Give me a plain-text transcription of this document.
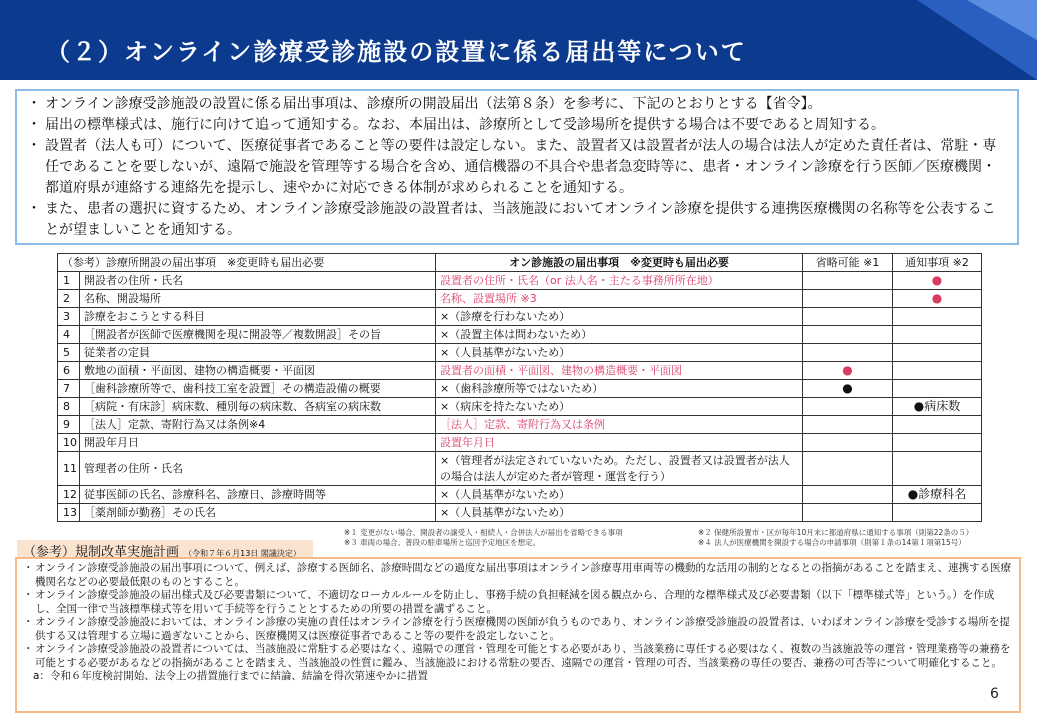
（２）オンライン診療受診施設の設置に係る届出等について
・ オンライン診療受診施設の設置に係る届出事項は、診療所の開設届出（法第８条）を参考に、下記のとおりとする【省令】。
・ 届出の標準様式は、施行に向けて追って通知する。なお、本届出は、診療所として受診場所を提供する場合は不要であると周知する。
・ 設置者（法人も可）について、医療従事者であること等の要件は設定しない。また、設置者又は設置者が法人の場合は法人が定めた責任者は、常駐・専任であることを要しないが、遠隔で施設を管理等する場合を含め、通信機器の不具合や患者急変時等に、患者・オンライン診療を行う医師／医療機関・都道府県が連絡する連絡先を提示し、速やかに対応できる体制が求められることを通知する。
・ また、患者の選択に資するため、オンライン診療受診施設の設置者は、当該施設においてオンライン診療を提供する連携医療機関の名称等を公表することが望ましいことを通知する。
（参考）診療所開設の届出事項　※変更時も届出必要		オン診施設の届出事項　※変更時も届出必要	省略可能 ※1	通知事項 ※2
1	開設者の住所・氏名	設置者の住所・氏名（or 法人名・主たる事務所所在地）		●
2	名称、開設場所	名称、設置場所 ※3		●
3	診療をおこうとする科目	×（診療を行わないため）		
4	［開設者が医師で医療機関を現に開設等／複数開設］その旨	×（設置主体は問わないため）		
5	従業者の定員	×（人員基準がないため）		
6	敷地の面積・平面図、建物の構造概要・平面図	設置者の面積・平面図、建物の構造概要・平面図	●	
7	［歯科診療所等で、歯科技工室を設置］その構造設備の概要	×（歯科診療所等ではないため）	●	
8	［病院・有床診］病床数、種別毎の病床数、各病室の病床数	×（病床を持たないため）		●病床数
9	［法人］定款、寄附行為又は条例※4	［法人］定款、寄附行為又は条例		
10	開設年月日	設置年月日		
11	管理者の住所・氏名	×（管理者が法定されていないため。ただし、設置者又は設置者が法人の場合は法人が定めた者が管理・運営を行う）		
12	従事医師の氏名、診療科名、診療日、診療時間等	×（人員基準がないため）		●診療科名
13	［薬剤師が勤務］その氏名	×（人員基準がないため）		
※１ 変更がない場合、開設者の譲受人・相続人・合併法人が届出を省略できる事項	※２ 保健所設置市・区が毎年10月末に都道府県に通知する事項（則第22条の５）
※３ 車両の場合、普段の駐車場所と巡回予定地区を想定。	※４ 法人が医療機関を開設する場合の申請事項（則第１条の14第１項第15号）
（参考）規制改革実施計画 （令和７年６月13日 閣議決定）
・ オンライン診療受診施設の届出事項について、例えば、診療する医師名、診療時間などの過度な届出事項はオンライン診療専用車両等の機動的な活用の制約となるとの指摘があることを踏まえ、連携する医療機関名などの必要最低限のものとすること。
・ オンライン診療受診施設の届出様式及び必要書類について、不適切なローカルルールを防止し、事務手続の負担軽減を図る観点から、合理的な標準様式及び必要書類（以下「標準様式等」という。）を作成し、全国一律で当該標準様式等を用いて手続等を行うこととするための所要の措置を講ずること。
・ オンライン診療受診施設においては、オンライン診療の実施の責任はオンライン診療を行う医療機関の医師が負うものであり、オンライン診療受診施設の設置者は、いわばオンライン診療を受診する場所を提供する又は管理する立場に過ぎないことから、医療機関又は医療従事者であること等の要件を設定しないこと。
・ オンライン診療受診施設の設置者については、当該施設に常駐する必要はなく、遠隔での運営・管理を可能とする必要があり、当該業務に専任する必要はなく、複数の当該施設等の運営・管理業務等の兼務を可能とする必要があるなどの指摘があることを踏まえ、当該施設の性質に鑑み、当該施設における常駐の要否、遠隔での運営・管理の可否、当該業務の専任の要否、兼務の可否等について明確化すること。
a：令和６年度検討開始、法令上の措置施行までに結論、結論を得次第速やかに措置
6
